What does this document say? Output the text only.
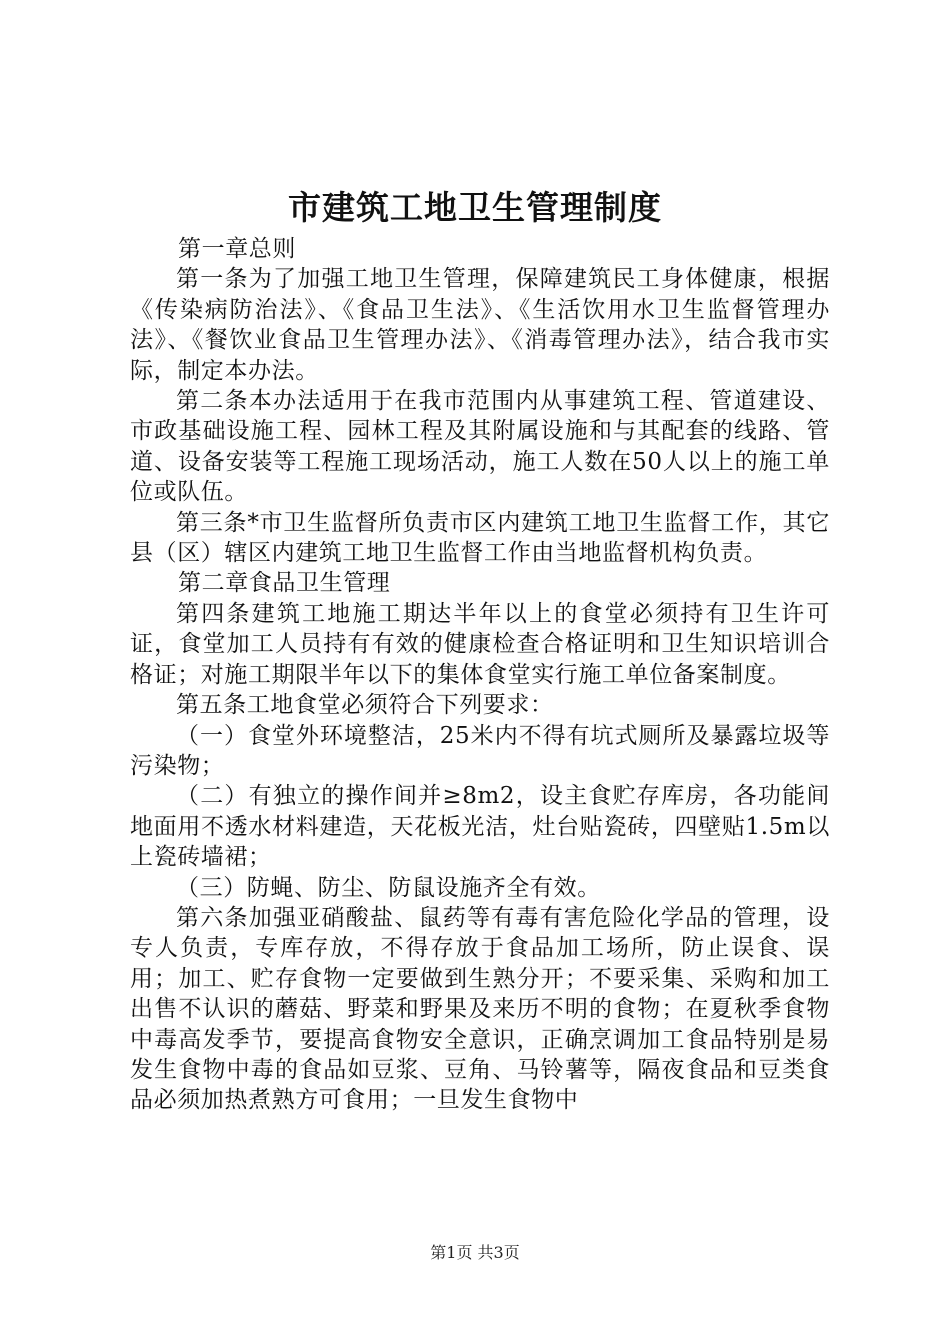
市建筑工地卫生管理制度

第一章总则

第一条为了加强工地卫生管理，保障建筑民工身体健康，根据《传染病防治法》、《食品卫生法》、《生活饮用水卫生监督管理办法》、《餐饮业食品卫生管理办法》、《消毒管理办法》，结合我市实际，制定本办法。

第二条本办法适用于在我市范围内从事建筑工程、管道建设、市政基础设施工程、园林工程及其附属设施和与其配套的线路、管道、设备安装等工程施工现场活动，施工人数在50人以上的施工单位或队伍。

第三条*市卫生监督所负责市区内建筑工地卫生监督工作，其它县（区）辖区内建筑工地卫生监督工作由当地监督机构负责。

第二章食品卫生管理

第四条建筑工地施工期达半年以上的食堂必须持有卫生许可证，食堂加工人员持有有效的健康检查合格证明和卫生知识培训合格证；对施工期限半年以下的集体食堂实行施工单位备案制度。

第五条工地食堂必须符合下列要求：

（一）食堂外环境整洁，25米内不得有坑式厕所及暴露垃圾等污染物；

（二）有独立的操作间并≥8m2，设主食贮存库房，各功能间地面用不透水材料建造，天花板光洁，灶台贴瓷砖，四壁贴1.5m以上瓷砖墙裙；

（三）防蝇、防尘、防鼠设施齐全有效。

第六条加强亚硝酸盐、鼠药等有毒有害危险化学品的管理，设专人负责，专库存放，不得存放于食品加工场所，防止误食、误用；加工、贮存食物一定要做到生熟分开；不要采集、采购和加工出售不认识的蘑菇、野菜和野果及来历不明的食物；在夏秋季食物中毒高发季节，要提高食物安全意识，正确烹调加工食品特别是易发生食物中毒的食品如豆浆、豆角、马铃薯等，隔夜食品和豆类食品必须加热煮熟方可食用；一旦发生食物中

第1页 共3页
